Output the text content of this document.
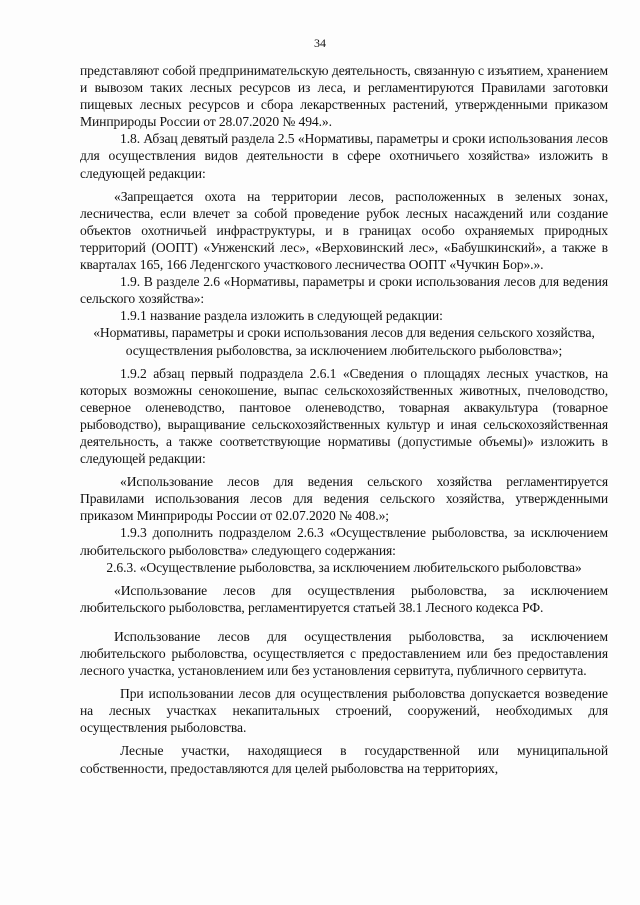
34

представляют собой предпринимательскую деятельность, связанную с изъятием, хранением и вывозом таких лесных ресурсов из леса, и регламентируются Правилами заготовки пищевых лесных ресурсов и сбора лекарственных растений, утвержденными приказом Минприроды России от 28.07.2020 № 494.».

1.8. Абзац девятый раздела 2.5 «Нормативы, параметры и сроки использования лесов для осуществления видов деятельности в сфере охотничьего хозяйства» изложить в следующей редакции:

«Запрещается охота на территории лесов, расположенных в зеленых зонах, лесничества, если влечет за собой проведение рубок лесных насаждений или создание объектов охотничьей инфраструктуры, и в границах особо охраняемых природных территорий (ООПТ) «Унженский лес», «Верховинский лес», «Бабушкинский», а также в кварталах 165, 166 Леденгского участкового лесничества ООПТ «Чучкин Бор».».

1.9. В разделе 2.6 «Нормативы, параметры и сроки использования лесов для ведения сельского хозяйства»:

1.9.1 название раздела изложить в следующей редакции:

«Нормативы, параметры и сроки использования лесов для ведения сельского хозяйства, осуществления рыболовства, за исключением любительского рыболовства»;

1.9.2 абзац первый подраздела 2.6.1 «Сведения о площадях лесных участков, на которых возможны сенокошение, выпас сельскохозяйственных животных, пчеловодство, северное оленеводство, пантовое оленеводство, товарная аквакультура (товарное рыбоводство), выращивание сельскохозяйственных культур и иная сельскохозяйственная деятельность, а также соответствующие нормативы (допустимые объемы)» изложить в следующей редакции:

«Использование лесов для ведения сельского хозяйства регламентируется Правилами использования лесов для ведения сельского хозяйства, утвержденными приказом Минприроды России от 02.07.2020 № 408.»;

1.9.3 дополнить подразделом 2.6.3 «Осуществление рыболовства, за исключением любительского рыболовства» следующего содержания:

2.6.3. «Осуществление рыболовства, за исключением любительского рыболовства»

«Использование лесов для осуществления рыболовства, за исключением любительского рыболовства, регламентируется статьей 38.1 Лесного кодекса РФ.

Использование лесов для осуществления рыболовства, за исключением любительского рыболовства, осуществляется с предоставлением или без предоставления лесного участка, установлением или без установления сервитута, публичного сервитута.

При использовании лесов для осуществления рыболовства допускается возведение на лесных участках некапитальных строений, сооружений, необходимых для осуществления рыболовства.

Лесные участки, находящиеся в государственной или муниципальной собственности, предоставляются для целей рыболовства на территориях,
